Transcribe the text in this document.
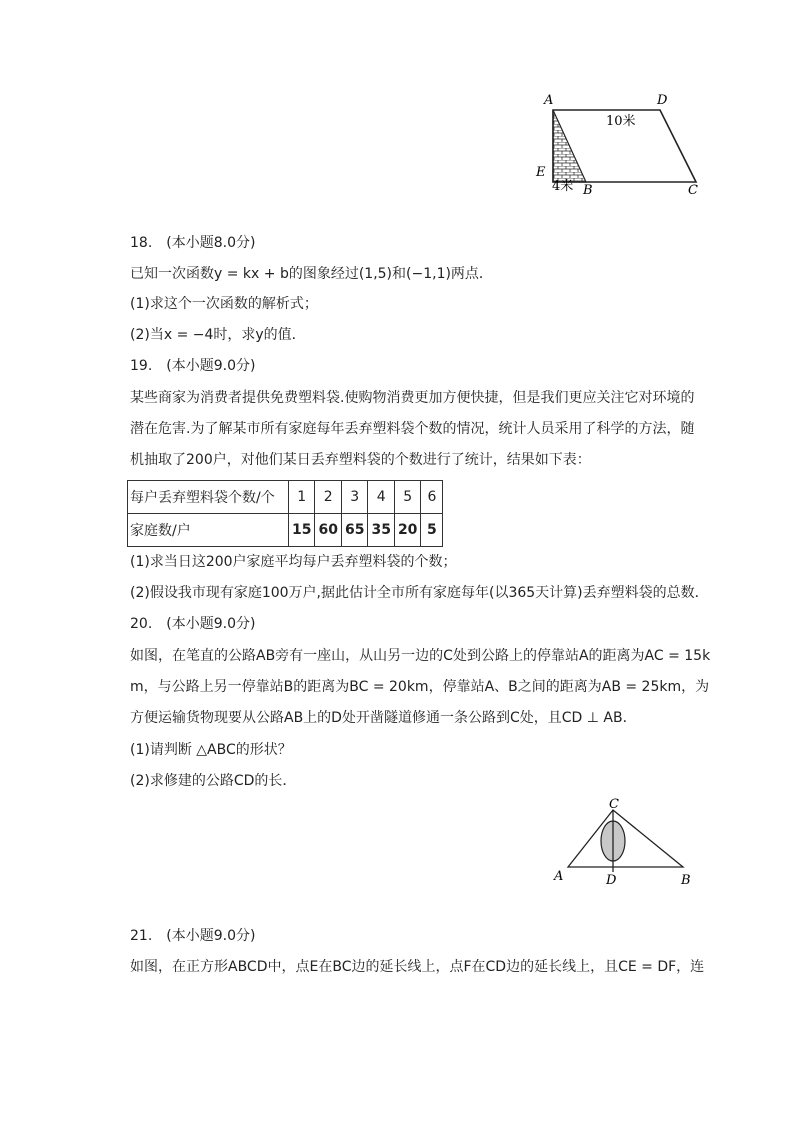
A	D
10米
E
4米 B	C
18.　(本小题8.0分)
已知一次函数y = kx + b的图象经过(1,5)和(−1,1)两点．
(1)求这个一次函数的解析式；
(2)当x = −4时，求y的值．
19.　(本小题9.0分)
某些商家为消费者提供免费塑料袋.使购物消费更加方便快捷，但是我们更应关注它对环境的
潜在危害.为了解某市所有家庭每年丢弃塑料袋个数的情况，统计人员采用了科学的方法，随
机抽取了200户，对他们某日丢弃塑料袋的个数进行了统计，结果如下表：
每户丢弃塑料袋个数/个	1	2	3	4	5	6
家庭数/户	15	60	65	35	20	5
(1)求当日这200户家庭平均每户丢弃塑料袋的个数；
(2)假设我市现有家庭100万户,据此估计全市所有家庭每年(以365天计算)丢弃塑料袋的总数．
20.　(本小题9.0分)
如图，在笔直的公路AB旁有一座山，从山另一边的C处到公路上的停靠站A的距离为AC = 15k
m，与公路上另一停靠站B的距离为BC = 20km，停靠站A、B之间的距离为AB = 25km，为
方便运输货物现要从公路AB上的D处开凿隧道修通一条公路到C处，且CD ⊥ AB．
(1)请判断 △ABC的形状？
(2)求修建的公路CD的长．
C
A	D	B
21.　(本小题9.0分)
如图，在正方形ABCD中，点E在BC边的延长线上，点F在CD边的延长线上，且CE = DF，连
